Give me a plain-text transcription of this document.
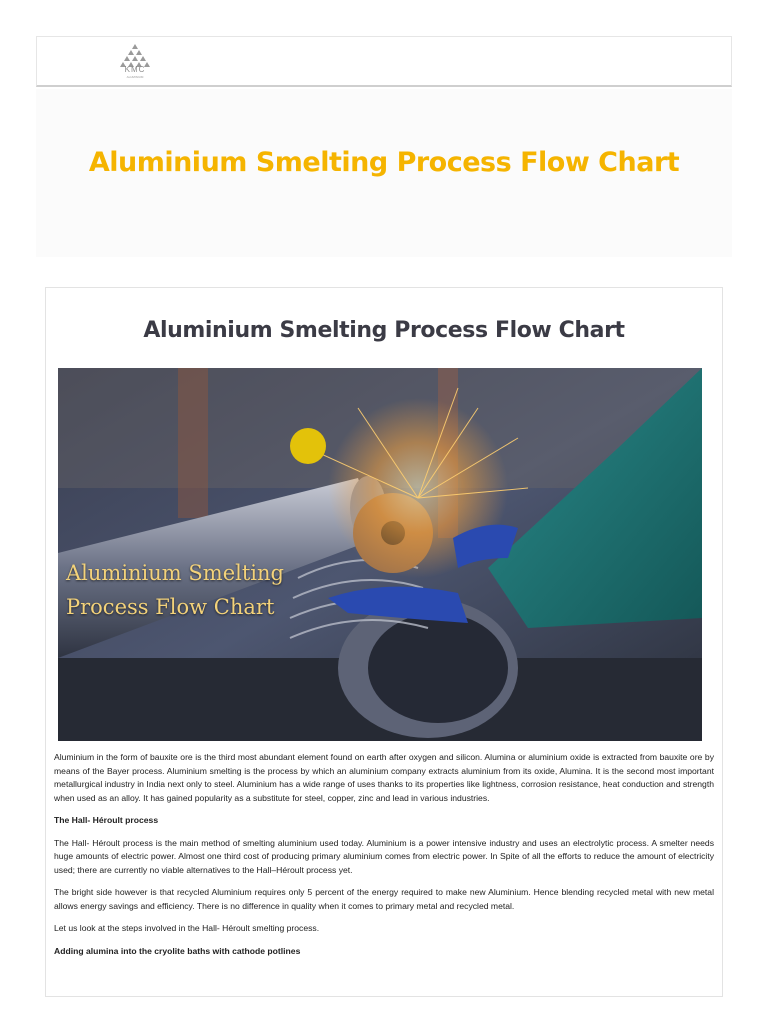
KMC
ALUMINIUM
Aluminium Smelting Process Flow Chart
Aluminium Smelting Process Flow Chart
Aluminium Smelting
Process Flow Chart

Aluminium in the form of bauxite ore is the third most abundant element found on earth after oxygen and silicon. Alumina or aluminium oxide is extracted from bauxite ore by means of the Bayer process. Aluminium smelting is the process by which an aluminium company extracts aluminium from its oxide, Alumina. It is the second most important metallurgical industry in India next only to steel. Aluminium has a wide range of uses thanks to its properties like lightness, corrosion resistance, heat conduction and strength when used as an alloy. It has gained popularity as a substitute for steel, copper, zinc and lead in various industries.

The Hall- Héroult process

The Hall- Héroult process is the main method of smelting aluminium used today. Aluminium is a power intensive industry and uses an electrolytic process. A smelter needs huge amounts of electric power. Almost one third cost of producing primary aluminium comes from electric power. In Spite of all the efforts to reduce the amount of electricity used; there are currently no viable alternatives to the Hall–Héroult process yet.

The bright side however is that recycled Aluminium requires only 5 percent of the energy required to make new Aluminium. Hence blending recycled metal with new metal allows energy savings and efficiency. There is no difference in quality when it comes to primary metal and recycled metal.

Let us look at the steps involved in the Hall- Héroult smelting process.

Adding alumina into the cryolite baths with cathode potlines
